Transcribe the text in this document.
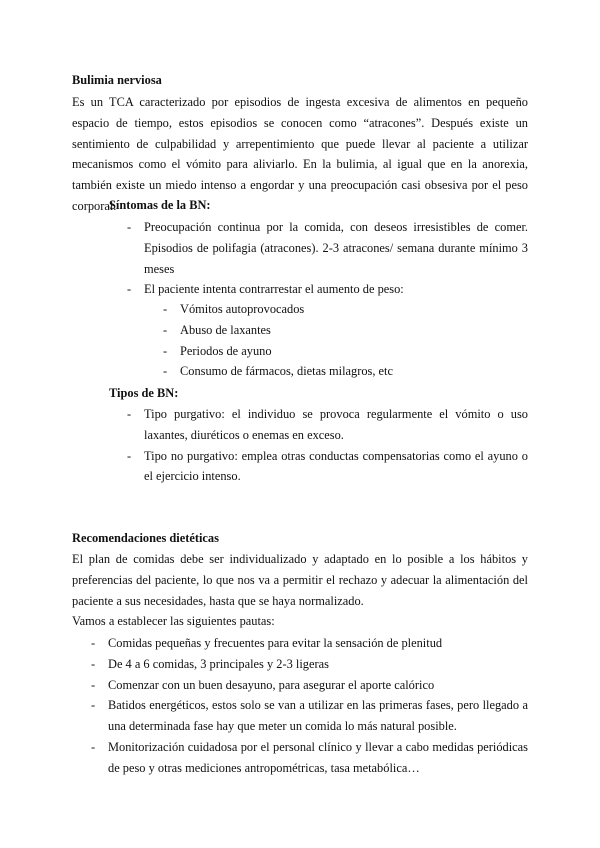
Bulimia nerviosa
Es un TCA caracterizado por episodios de ingesta excesiva de alimentos en pequeño espacio de tiempo, estos episodios se conocen como “atracones”. Después existe un sentimiento de culpabilidad y arrepentimiento que puede llevar al paciente a utilizar mecanismos como el vómito para aliviarlo. En la bulimia, al igual que en la anorexia, también existe un miedo intenso a engordar y una preocupación casi obsesiva por el peso corporal.
Síntomas de la BN:
- Preocupación continua por la comida, con deseos irresistibles de comer. Episodios de polifagia (atracones). 2-3 atracones/ semana durante mínimo 3 meses
- El paciente intenta contrarrestar el aumento de peso:
- Vómitos autoprovocados
- Abuso de laxantes
- Periodos de ayuno
- Consumo de fármacos, dietas milagros, etc
Tipos de BN:
- Tipo purgativo: el individuo se provoca regularmente el vómito o uso laxantes, diuréticos o enemas en exceso.
- Tipo no purgativo: emplea otras conductas compensatorias como el ayuno o el ejercicio intenso.
Recomendaciones dietéticas
El plan de comidas debe ser individualizado y adaptado en lo posible a los hábitos y preferencias del paciente, lo que nos va a permitir el rechazo y adecuar la alimentación del paciente a sus necesidades, hasta que se haya normalizado.
Vamos a establecer las siguientes pautas:
- Comidas pequeñas y frecuentes para evitar la sensación de plenitud
- De 4 a 6 comidas, 3 principales y 2-3 ligeras
- Comenzar con un buen desayuno, para asegurar el aporte calórico
- Batidos energéticos, estos solo se van a utilizar en las primeras fases, pero llegado a una determinada fase hay que meter un comida lo más natural posible.
- Monitorización cuidadosa por el personal clínico y llevar a cabo medidas periódicas de peso y otras mediciones antropométricas, tasa metabólica…
